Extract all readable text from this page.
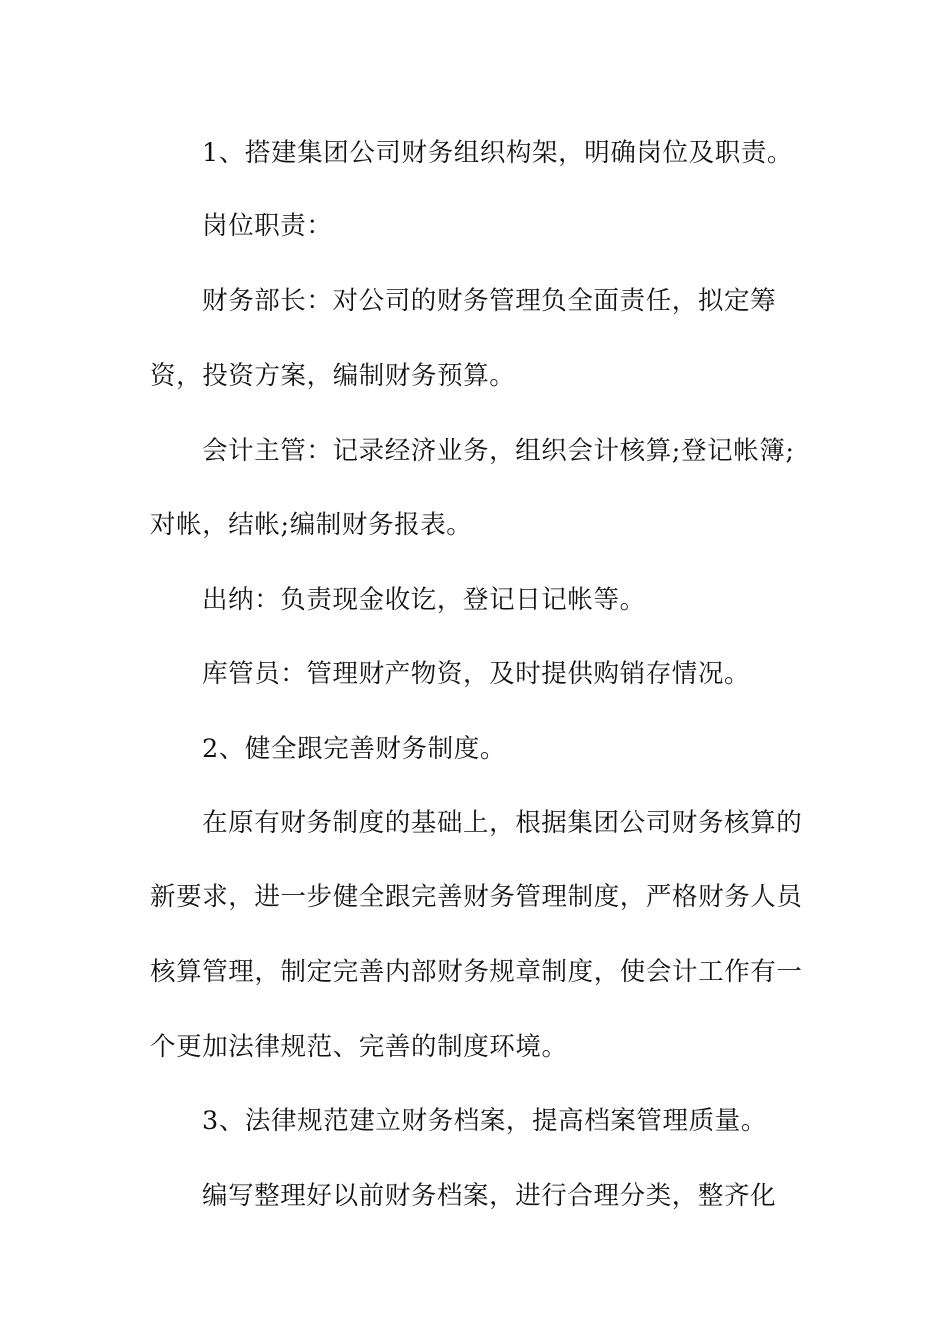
1、搭建集团公司财务组织构架，明确岗位及职责。
岗位职责：
财务部长：对公司的财务管理负全面责任，拟定筹
资，投资方案，编制财务预算。
会计主管：记录经济业务，组织会计核算;登记帐簿;
对帐，结帐;编制财务报表。
出纳：负责现金收讫，登记日记帐等。
库管员：管理财产物资，及时提供购销存情况。
2、健全跟完善财务制度。
在原有财务制度的基础上，根据集团公司财务核算的
新要求，进一步健全跟完善财务管理制度，严格财务人员
核算管理，制定完善内部财务规章制度，使会计工作有一
个更加法律规范、完善的制度环境。
3、法律规范建立财务档案，提高档案管理质量。
编写整理好以前财务档案，进行合理分类，整齐化
